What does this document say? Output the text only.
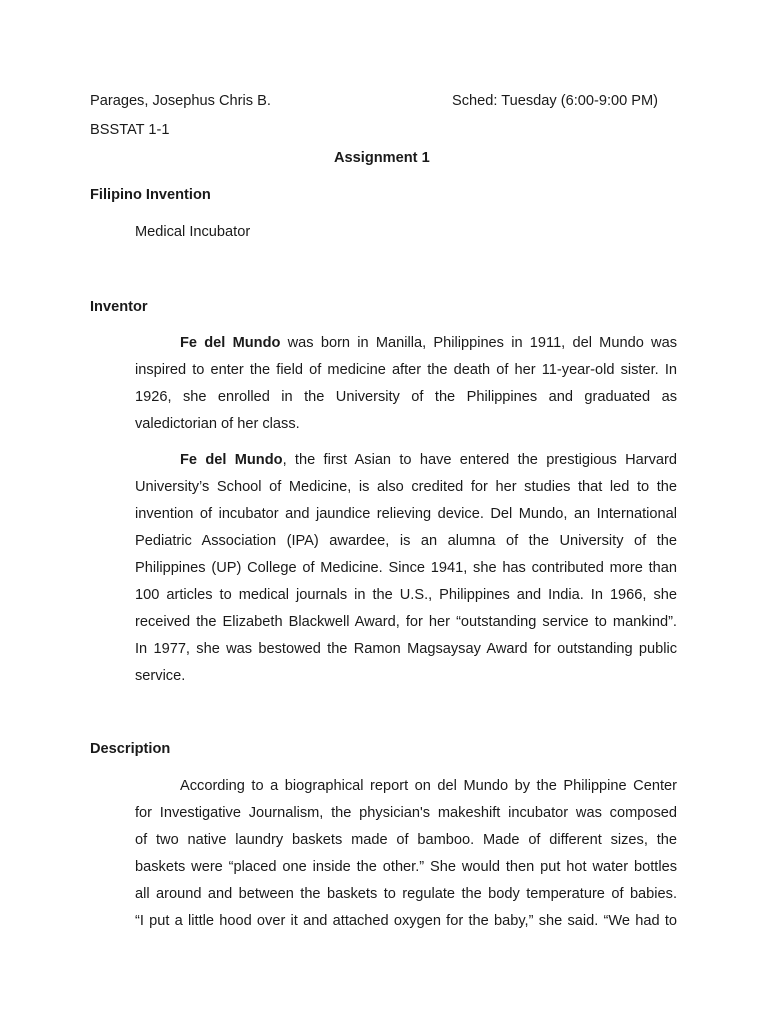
Parages, Josephus Chris B.	Sched: Tuesday (6:00-9:00 PM)
BSSTAT 1-1
Assignment 1
Filipino Invention
Medical Incubator
Inventor
Fe del Mundo was born in Manilla, Philippines in 1911, del Mundo was
inspired to enter the field of medicine after the death of her 11-year-old sister. In
1926, she enrolled in the University of the Philippines and graduated as
valedictorian of her class.
Fe del Mundo, the first Asian to have entered the prestigious Harvard
University’s School of Medicine, is also credited for her studies that led to the
invention of incubator and jaundice relieving device. Del Mundo, an International
Pediatric Association (IPA) awardee, is an alumna of the University of the
Philippines (UP) College of Medicine. Since 1941, she has contributed more than
100 articles to medical journals in the U.S., Philippines and India. In 1966, she
received the Elizabeth Blackwell Award, for her “outstanding service to mankind”.
In 1977, she was bestowed the Ramon Magsaysay Award for outstanding public
service.
Description
According to a biographical report on del Mundo by the Philippine Center
for Investigative Journalism, the physician's makeshift incubator was composed
of two native laundry baskets made of bamboo. Made of different sizes, the
baskets were “placed one inside the other.” She would then put hot water bottles
all around and between the baskets to regulate the body temperature of babies.
“I put a little hood over it and attached oxygen for the baby,” she said. “We had to
